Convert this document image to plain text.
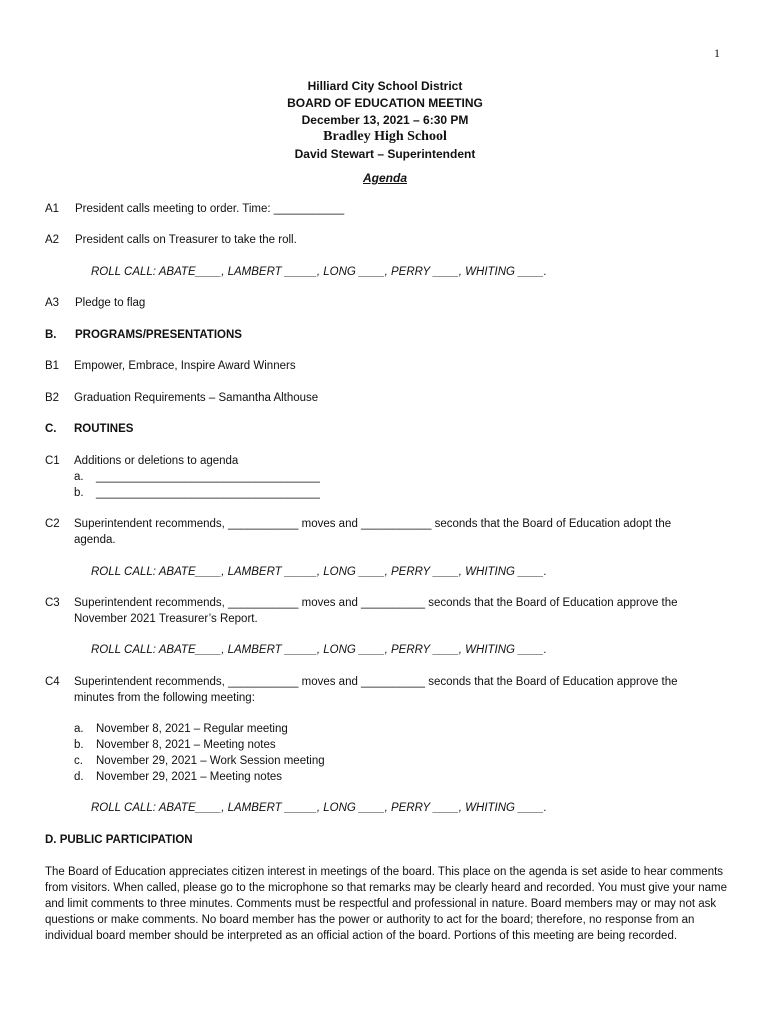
1
Hilliard City School District
BOARD OF EDUCATION MEETING
December 13, 2021 – 6:30 PM
Bradley High School
David Stewart – Superintendent
Agenda
A1 President calls meeting to order. Time: ___________
A2 President calls on Treasurer to take the roll.
ROLL CALL: ABATE____, LAMBERT _____, LONG ____, PERRY ____, WHITING ____.
A3 Pledge to flag
B. PROGRAMS/PRESENTATIONS
B1 Empower, Embrace, Inspire Award Winners
B2 Graduation Requirements – Samantha Althouse
C. ROUTINES
C1 Additions or deletions to agenda
a. ___________________________________
b. ___________________________________
C2 Superintendent recommends, ___________ moves and ___________ seconds that the Board of Education adopt the
agenda.
ROLL CALL: ABATE____, LAMBERT _____, LONG ____, PERRY ____, WHITING ____.
C3 Superintendent recommends, ___________ moves and __________ seconds that the Board of Education approve the
November 2021 Treasurer’s Report.
ROLL CALL: ABATE____, LAMBERT _____, LONG ____, PERRY ____, WHITING ____.
C4 Superintendent recommends, ___________ moves and __________ seconds that the Board of Education approve the
minutes from the following meeting:
a. November 8, 2021 – Regular meeting
b. November 8, 2021 – Meeting notes
c. November 29, 2021 – Work Session meeting
d. November 29, 2021 – Meeting notes
ROLL CALL: ABATE____, LAMBERT _____, LONG ____, PERRY ____, WHITING ____.
D. PUBLIC PARTICIPATION
The Board of Education appreciates citizen interest in meetings of the board. This place on the agenda is set aside to hear comments from visitors. When called, please go to the microphone so that remarks may be clearly heard and recorded. You must give your name and limit comments to three minutes. Comments must be respectful and professional in nature. Board members may or may not ask questions or make comments. No board member has the power or authority to act for the board; therefore, no response from an individual board member should be interpreted as an official action of the board. Portions of this meeting are being recorded.
